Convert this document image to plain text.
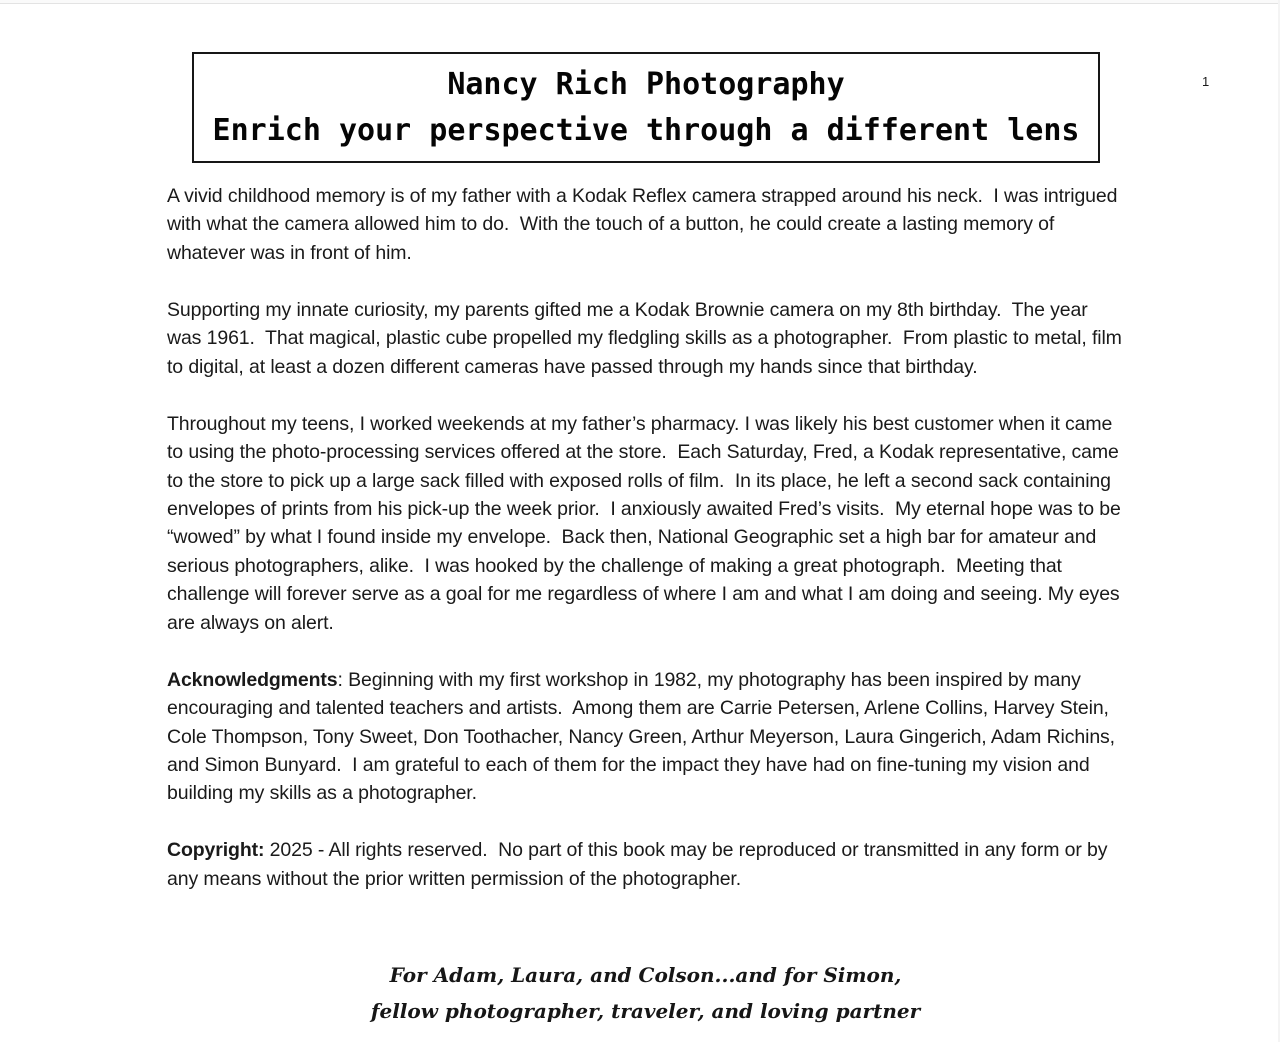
1
Nancy Rich Photography
Enrich your perspective through a different lens

A vivid childhood memory is of my father with a Kodak Reflex camera strapped around his neck.  I was intrigued with what the camera allowed him to do.  With the touch of a button, he could create a lasting memory of whatever was in front of him.

Supporting my innate curiosity, my parents gifted me a Kodak Brownie camera on my 8th birthday.  The year was 1961.  That magical, plastic cube propelled my fledgling skills as a photographer.  From plastic to metal, film to digital, at least a dozen different cameras have passed through my hands since that birthday.

Throughout my teens, I worked weekends at my father’s pharmacy. I was likely his best customer when it came to using the photo-processing services offered at the store.  Each Saturday, Fred, a Kodak representative, came to the store to pick up a large sack filled with exposed rolls of film.  In its place, he left a second sack containing envelopes of prints from his pick-up the week prior.  I anxiously awaited Fred’s visits.  My eternal hope was to be “wowed” by what I found inside my envelope.  Back then, National Geographic set a high bar for amateur and serious photographers, alike.  I was hooked by the challenge of making a great photograph.  Meeting that challenge will forever serve as a goal for me regardless of where I am and what I am doing and seeing. My eyes are always on alert.

Acknowledgments: Beginning with my first workshop in 1982, my photography has been inspired by many encouraging and talented teachers and artists.  Among them are Carrie Petersen, Arlene Collins, Harvey Stein, Cole Thompson, Tony Sweet, Don Toothacher, Nancy Green, Arthur Meyerson, Laura Gingerich, Adam Richins, and Simon Bunyard.  I am grateful to each of them for the impact they have had on fine-tuning my vision and building my skills as a photographer.

Copyright: 2025 - All rights reserved.  No part of this book may be reproduced or transmitted in any form or by any means without the prior written permission of the photographer.

For Adam, Laura, and Colson...and for Simon,
fellow photographer, traveler, and loving partner
